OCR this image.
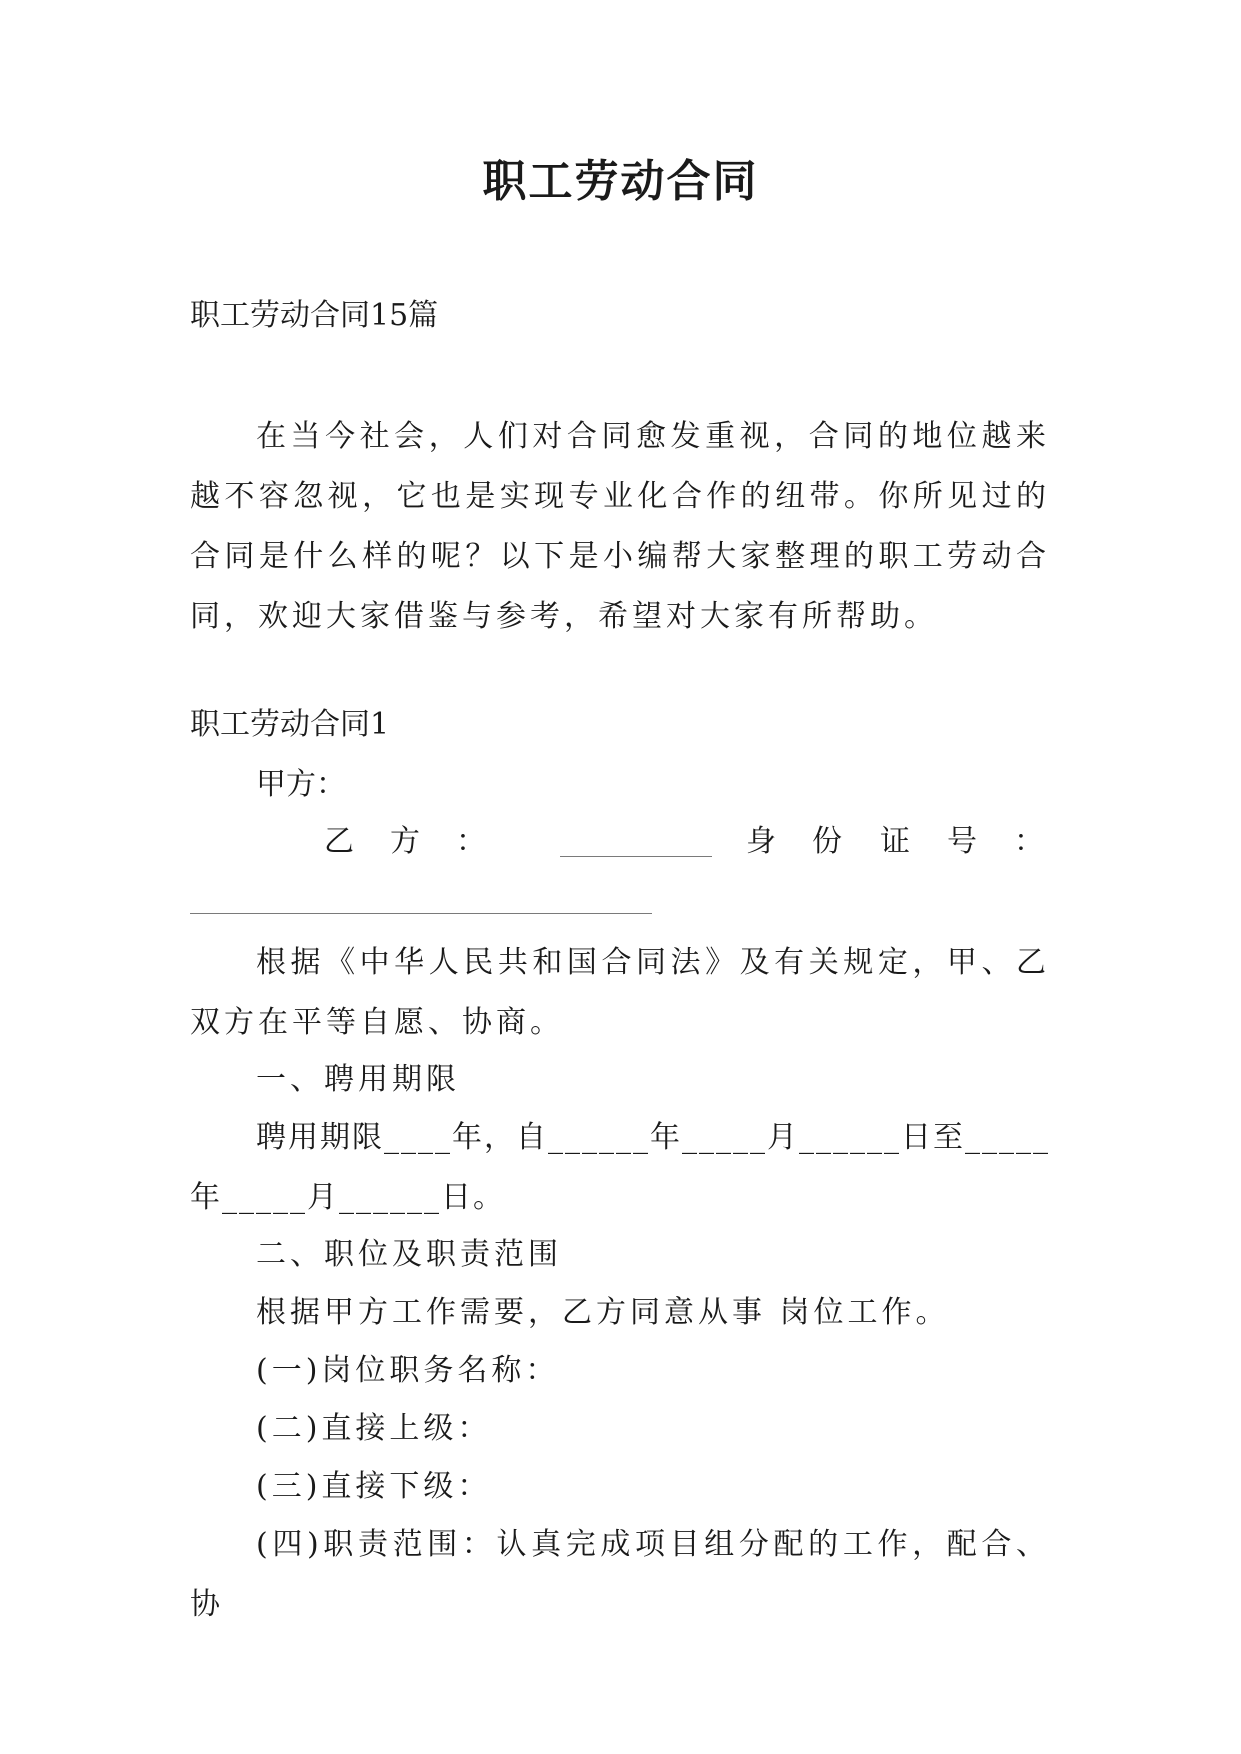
职工劳动合同
职工劳动合同15篇
在当今社会，人们对合同愈发重视，合同的地位越来越不容忽视，它也是实现专业化合作的纽带。你所见过的合同是什么样的呢？以下是小编帮大家整理的职工劳动合同，欢迎大家借鉴与参考，希望对大家有所帮助。
职工劳动合同1
甲方：
乙 方 ：	身 份 证 号 ：
根据《中华人民共和国合同法》及有关规定，甲、乙双方在平等自愿、协商。
一、聘用期限
聘用期限____年，自______年_____月______日至_____年_____月______日。
二、职位及职责范围
根据甲方工作需要，乙方同意从事 岗位工作。
(一)岗位职务名称：
(二)直接上级：
(三)直接下级：
(四)职责范围：认真完成项目组分配的工作，配合、协
